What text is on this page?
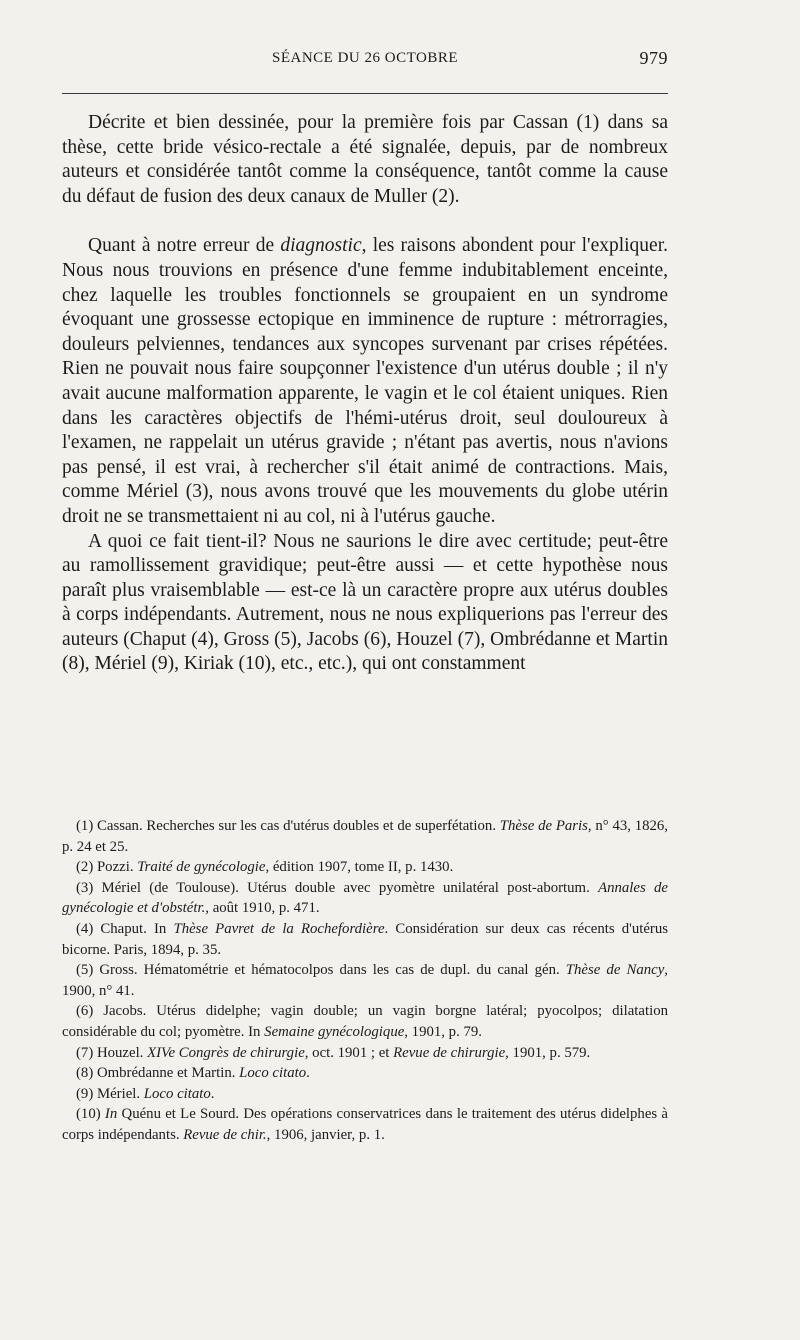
SÉANCE DU 26 OCTOBRE	979

Décrite et bien dessinée, pour la première fois par Cassan (1) dans sa thèse, cette bride vésico-rectale a été signalée, depuis, par de nombreux auteurs et considérée tantôt comme la conséquence, tantôt comme la cause du défaut de fusion des deux canaux de Muller (2).

Quant à notre erreur de diagnostic, les raisons abondent pour l'expliquer. Nous nous trouvions en présence d'une femme indubitablement enceinte, chez laquelle les troubles fonctionnels se groupaient en un syndrome évoquant une grossesse ectopique en imminence de rupture : métrorragies, douleurs pelviennes, tendances aux syncopes survenant par crises répétées. Rien ne pouvait nous faire soupçonner l'existence d'un utérus double ; il n'y avait aucune malformation apparente, le vagin et le col étaient uniques. Rien dans les caractères objectifs de l'hémi-utérus droit, seul douloureux à l'examen, ne rappelait un utérus gravide ; n'étant pas avertis, nous n'avions pas pensé, il est vrai, à rechercher s'il était animé de contractions. Mais, comme Mériel (3), nous avons trouvé que les mouvements du globe utérin droit ne se transmettaient ni au col, ni à l'utérus gauche.

A quoi ce fait tient-il? Nous ne saurions le dire avec certitude; peut-être au ramollissement gravidique; peut-être aussi — et cette hypothèse nous paraît plus vraisemblable — est-ce là un caractère propre aux utérus doubles à corps indépendants. Autrement, nous ne nous expliquerions pas l'erreur des auteurs (Chaput (4), Gross (5), Jacobs (6), Houzel (7), Ombrédanne et Martin (8), Mériel (9), Kiriak (10), etc., etc.), qui ont constamment

(1) Cassan. Recherches sur les cas d'utérus doubles et de superfétation. Thèse de Paris, n° 43, 1826, p. 24 et 25.

(2) Pozzi. Traité de gynécologie, édition 1907, tome II, p. 1430.

(3) Mériel (de Toulouse). Utérus double avec pyomètre unilatéral post-abortum. Annales de gynécologie et d'obstétr., août 1910, p. 471.

(4) Chaput. In Thèse Pavret de la Rochefordière. Considération sur deux cas récents d'utérus bicorne. Paris, 1894, p. 35.

(5) Gross. Hématométrie et hématocolpos dans les cas de dupl. du canal gén. Thèse de Nancy, 1900, n° 41.

(6) Jacobs. Utérus didelphe; vagin double; un vagin borgne latéral; pyocolpos; dilatation considérable du col; pyomètre. In Semaine gynécologique, 1901, p. 79.

(7) Houzel. XIVe Congrès de chirurgie, oct. 1901 ; et Revue de chirurgie, 1901, p. 579.

(8) Ombrédanne et Martin. Loco citato.

(9) Mériel. Loco citato.

(10) In Quénu et Le Sourd. Des opérations conservatrices dans le traitement des utérus didelphes à corps indépendants. Revue de chir., 1906, janvier, p. 1.
